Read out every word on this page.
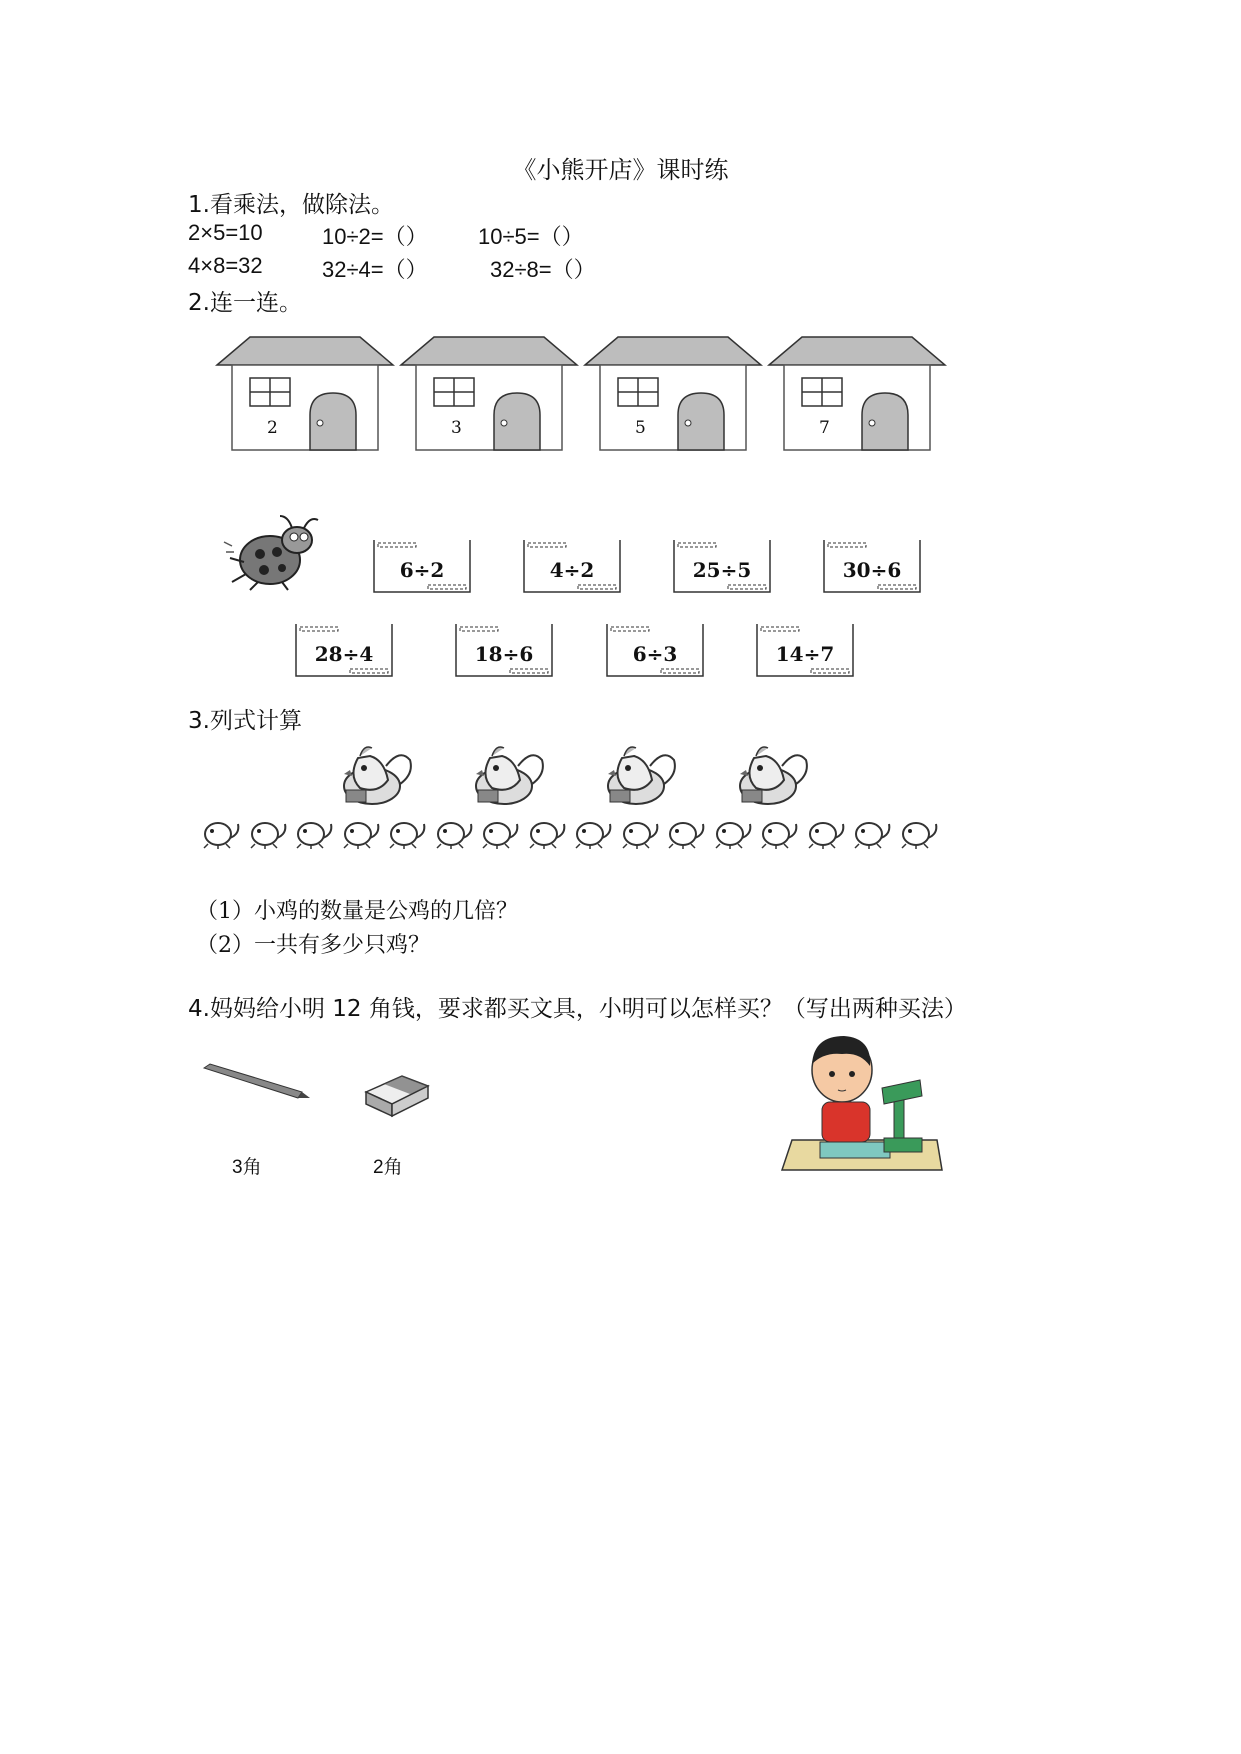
《小熊开店》课时练
1.看乘法，做除法。
2×5=10	10÷2=（） 10÷5=（）
4×8=32	32÷4=（）	32÷8=（）
2.连一连。
2	3	5	7
6÷2	4÷2	25÷5	30÷6
28÷4	18÷6	6÷3	14÷7
3.列式计算
（1）小鸡的数量是公鸡的几倍？
（2）一共有多少只鸡？
4.妈妈给小明 12 角钱，要求都买文具，小明可以怎样买？（写出两种买法）
3角	2角
